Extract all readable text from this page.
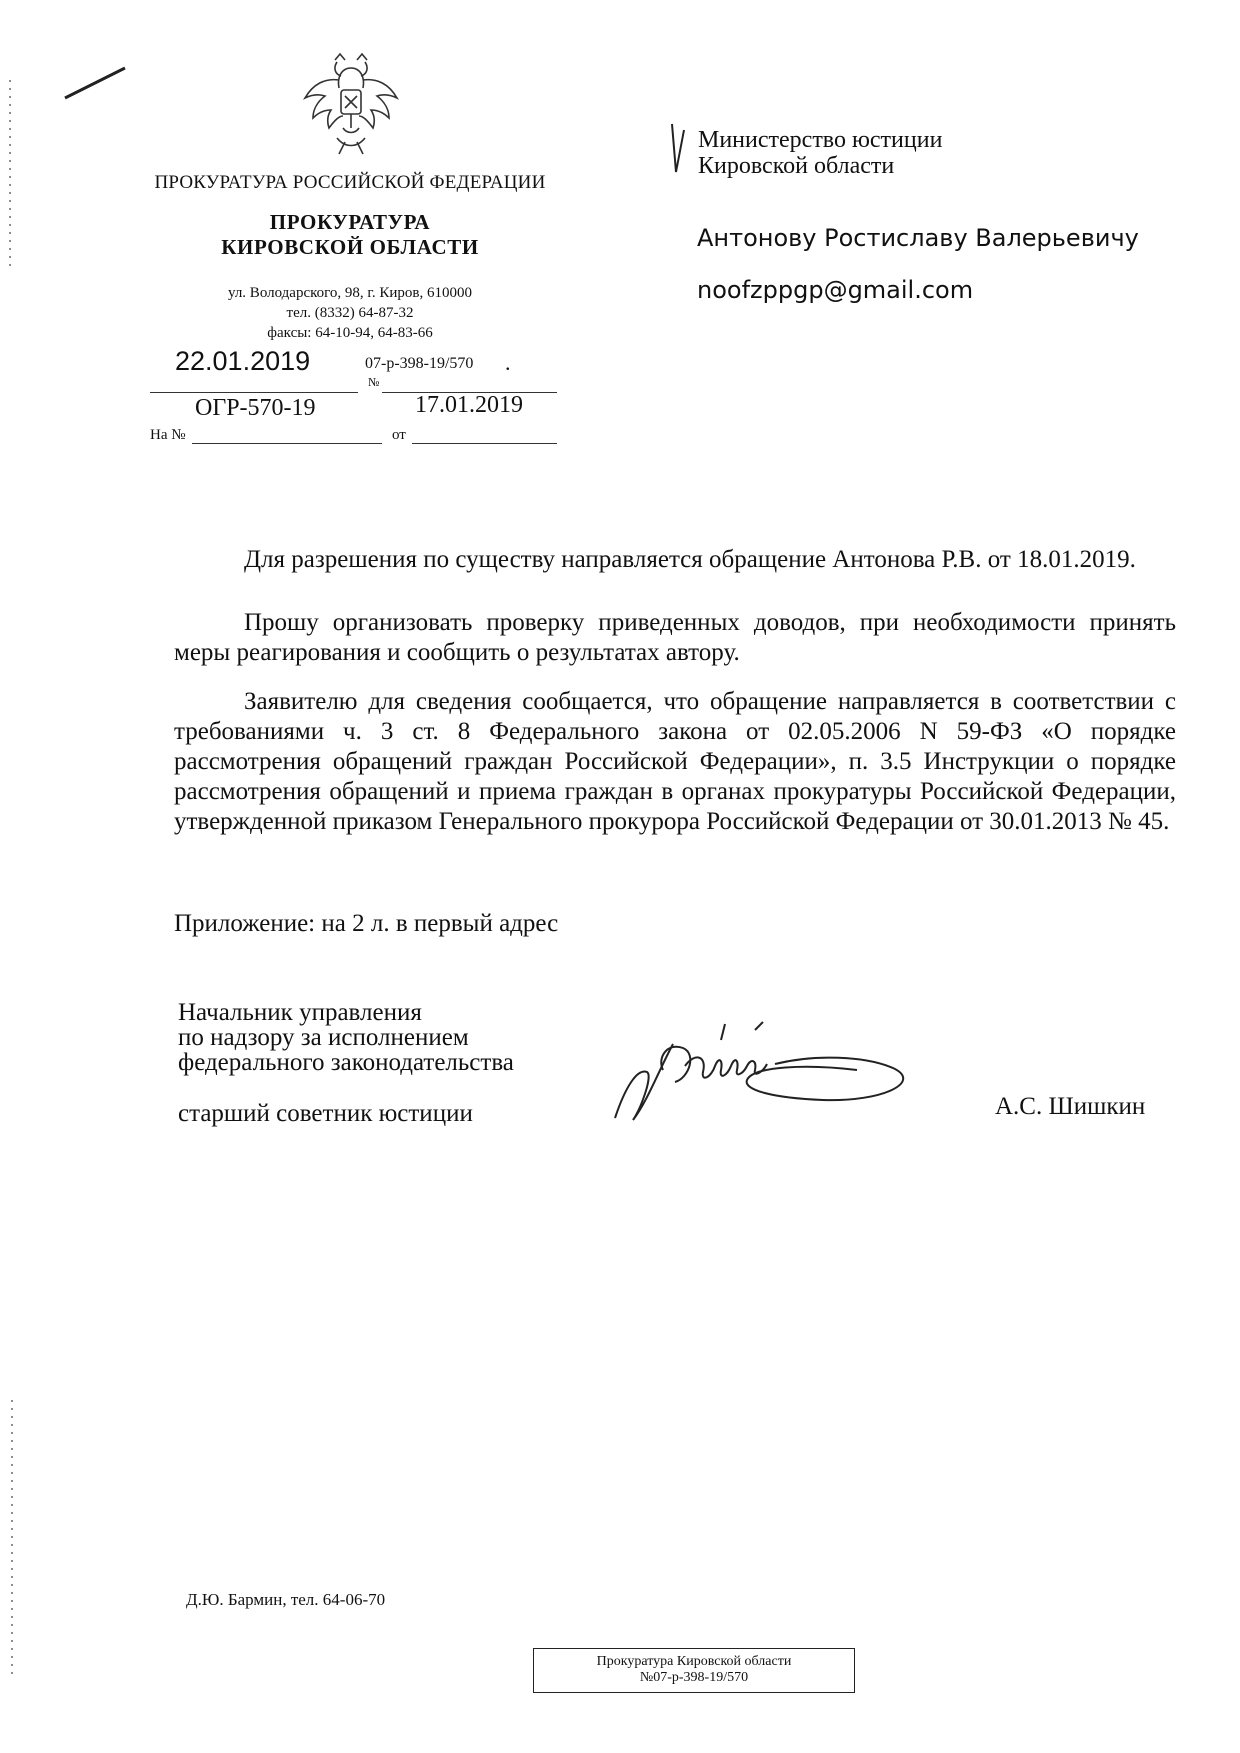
ПРОКУРАТУРА РОССИЙСКОЙ ФЕДЕРАЦИИ
ПРОКУРАТУРА
КИРОВСКОЙ ОБЛАСТИ
ул. Володарского, 98, г. Киров, 610000
тел. (8332) 64-87-32
факсы: 64-10-94, 64-83-66
22.01.2019	07-р-398-19/570 .
№
ОГР-570-19	17.01.2019
На №	от
Министерство юстиции
Кировской области
Антонову Ростиславу Валерьевичу
noofzppgp@gmail.com
Для разрешения по существу направляется обращение Антонова Р.В. от 18.01.2019.
Прошу организовать проверку приведенных доводов, при необходимости принять меры реагирования и сообщить о результатах автору.
Заявителю для сведения сообщается, что обращение направляется в соответствии с требованиями ч. 3 ст. 8 Федерального закона от 02.05.2006 N 59-ФЗ «О порядке рассмотрения обращений граждан Российской Федерации», п. 3.5 Инструкции о порядке рассмотрения обращений и приема граждан в органах прокуратуры Российской Федерации, утвержденной приказом Генерального прокурора Российской Федерации от 30.01.2013 № 45.
Приложение: на 2 л. в первый адрес
Начальник управления
по надзору за исполнением
федерального законодательства
старший советник юстиции	А.С. Шишкин
Д.Ю. Бармин, тел. 64-06-70
Прокуратура Кировской области
№07-р-398-19/570
